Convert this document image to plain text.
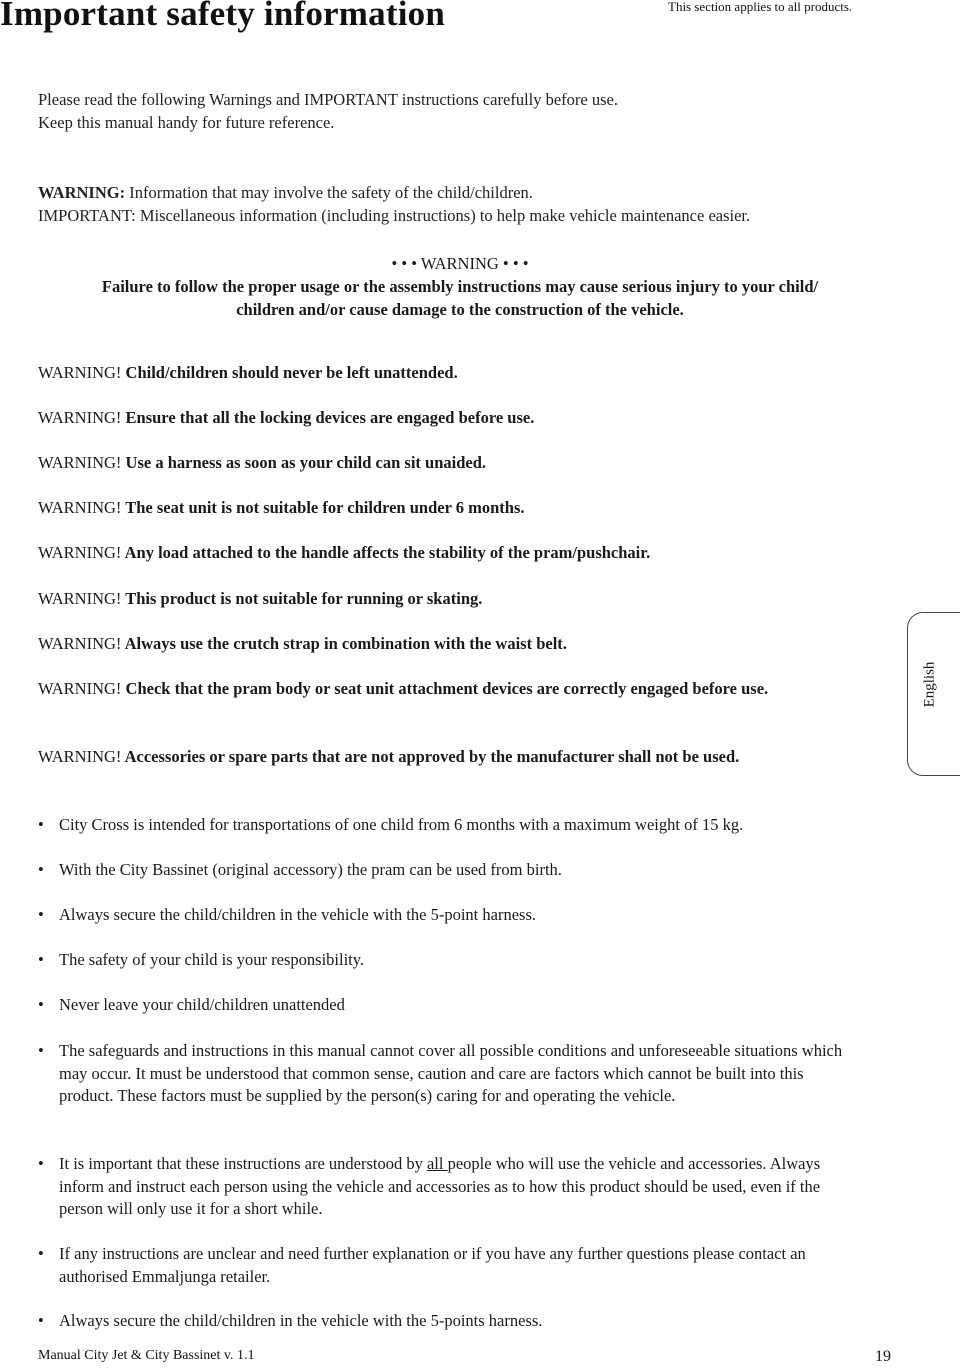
Important safety information	This section applies to all products.
Please read the following Warnings and IMPORTANT instructions carefully before use.
Keep this manual handy for future reference.
WARNING: Information that may involve the safety of the child/children.
IMPORTANT: Miscellaneous information (including instructions) to help make vehicle maintenance easier.
• • • WARNING • • •
Failure to follow the proper usage or the assembly instructions may cause serious injury to your child/
children and/or cause damage to the construction of the vehicle.
WARNING! Child/children should never be left unattended.
WARNING! Ensure that all the locking devices are engaged before use.
WARNING! Use a harness as soon as your child can sit unaided.
WARNING! The seat unit is not suitable for children under 6 months.
WARNING! Any load attached to the handle affects the stability of the pram/pushchair.
WARNING! This product is not suitable for running or skating.
WARNING! Always use the crutch strap in combination with the waist belt.
WARNING! Check that the pram body or seat unit attachment devices are correctly engaged before use.
WARNING! Accessories or spare parts that are not approved by the manufacturer shall not be used.
• City Cross is intended for transportations of one child from 6 months with a maximum weight of 15 kg.
• With the City Bassinet (original accessory) the pram can be used from birth.
• Always secure the child/children in the vehicle with the 5-point harness.
• The safety of your child is your responsibility.
• Never leave your child/children unattended
• The safeguards and instructions in this manual cannot cover all possible conditions and unforeseeable situations which may occur. It must be understood that common sense, caution and care are factors which cannot be built into this product. These factors must be supplied by the person(s) caring for and operating the vehicle.
• It is important that these instructions are understood by all people who will use the vehicle and accessories. Always inform and instruct each person using the vehicle and accessories as to how this product should be used, even if the person will only use it for a short while.
• If any instructions are unclear and need further explanation or if you have any further questions please contact an authorised Emmaljunga retailer.
• Always secure the child/children in the vehicle with the 5-points harness.
English
Manual City Jet & City Bassinet v. 1.1	19
